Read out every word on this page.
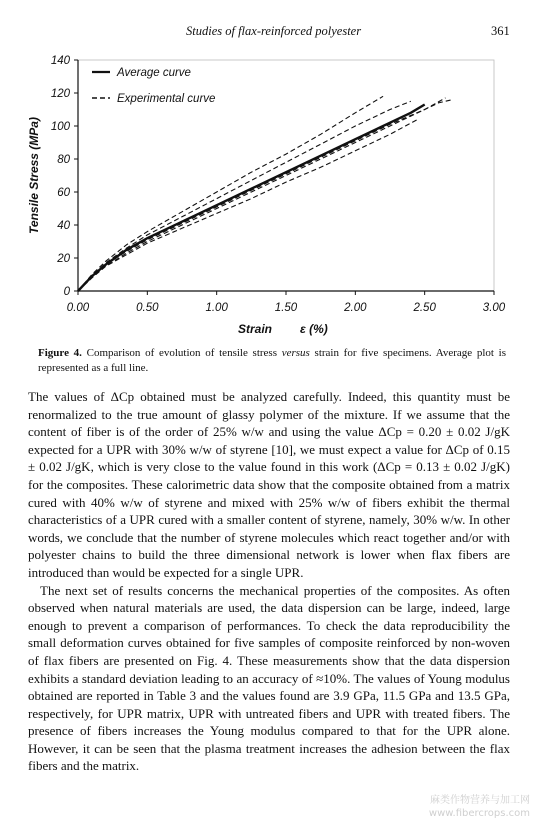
Studies of flax-reinforced polyester	361
0
20
40
60
80
100
120
140
0.00	0.50	1.00	1.50	2.00	2.50	3.00
Tensile Stress (MPa)
Strain ε (%)
Average curve
Experimental curve
Figure 4. Comparison of evolution of tensile stress versus strain for five specimens. Average plot is represented as a full line.

The values of ΔCp obtained must be analyzed carefully. Indeed, this quantity must be renormalized to the true amount of glassy polymer of the mixture. If we assume that the content of fiber is of the order of 25% w/w and using the value ΔCp = 0.20 ± 0.02 J/gK expected for a UPR with 30% w/w of styrene [10], we must expect a value for ΔCp of 0.15 ± 0.02 J/gK, which is very close to the value found in this work (ΔCp = 0.13 ± 0.02 J/gK) for the composites. These calorimetric data show that the composite obtained from a matrix cured with 40% w/w of styrene and mixed with 25% w/w of fibers exhibit the thermal characteristics of a UPR cured with a smaller content of styrene, namely, 30% w/w. In other words, we conclude that the number of styrene molecules which react together and/or with polyester chains to build the three dimensional network is lower when flax fibers are introduced than would be expected for a single UPR.

The next set of results concerns the mechanical properties of the composites. As often observed when natural materials are used, the data dispersion can be large, indeed, large enough to prevent a comparison of performances. To check the data reproducibility the small deformation curves obtained for five samples of composite reinforced by non-woven of flax fibers are presented on Fig. 4. These measurements show that the data dispersion exhibits a standard deviation leading to an accuracy of ≈10%. The values of Young modulus obtained are reported in Table 3 and the values found are 3.9 GPa, 11.5 GPa and 13.5 GPa, respectively, for UPR matrix, UPR with untreated fibers and UPR with treated fibers. The presence of fibers increases the Young modulus compared to that for the UPR alone. However, it can be seen that the plasma treatment increases the adhesion between the flax fibers and the matrix.

麻类作物营养与加工网
www.fibercrops.com
